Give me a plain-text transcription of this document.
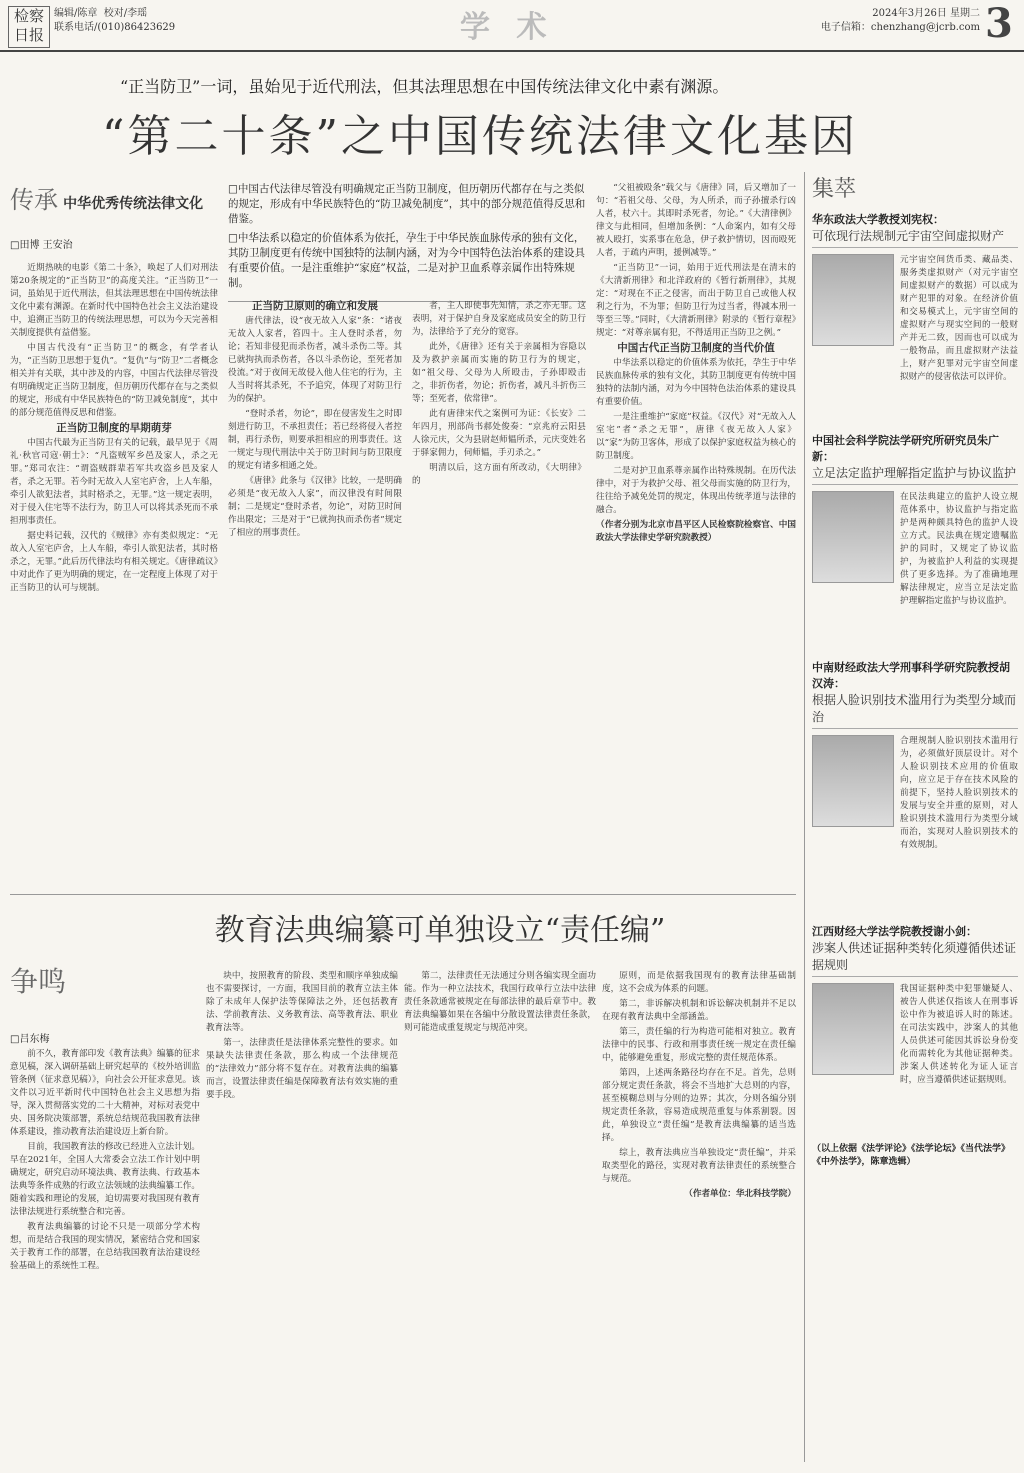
检察日报
编辑/陈章  校对/李瑶
联系电话/(010)86423629	学 术	2024年3月26日 星期二
电子信箱：chenzhang@jcrb.com 3
“正当防卫”一词，虽始见于近代刑法，但其法理思想在中国传统法律文化中素有渊源。
“第二十条”之中国传统法律文化基因
传承 中华优秀传统法律文化
□田博 王安治

□中国古代法律尽管没有明确规定正当防卫制度，但历朝历代都存在与之类似的规定，形成有中华民族特色的“防卫减免制度”，其中的部分规范值得反思和借鉴。

□中华法系以稳定的价值体系为依托，孕生于中华民族血脉传承的独有文化，其防卫制度更有传统中国独特的法制内涵，对为今中国特色法治体系的建设具有重要价值。一是注重维护“家庭”权益，二是对护卫血系尊亲属作出特殊规制。

近期热映的电影《第二十条》，唤起了人们对刑法第20条规定的“正当防卫”的高度关注。“正当防卫”一词，虽始见于近代刑法，但其法理思想在中国传统法律文化中素有渊源。在新时代中国特色社会主义法治建设中，追溯正当防卫的传统法理思想，可以为今天完善相关制度提供有益借鉴。

中国古代没有“正当防卫”的概念，有学者认为，“正当防卫思想于复仇”。“复仇”与“防卫”二者概念相关并有关联，其中涉及的内容，中国古代法律尽管没有明确规定正当防卫制度，但历朝历代都存在与之类似的规定，形成有中华民族特色的“防卫减免制度”，其中的部分规范值得反思和借鉴。

正当防卫制度的早期萌芽

中国古代最为正当防卫有关的记载，最早见于《周礼·秋官司寇·朝士》：“凡盗贼军乡邑及家人，杀之无罪。”郑司农注：“谓盗贼群辈若军共攻盗乡邑及家人者，杀之无罪。若今时无故入人室宅庐舍，上人车船，牵引人欲犯法者，其时格杀之，无罪。”这一规定表明，对于侵入住宅等不法行为，防卫人可以将其杀死而不承担刑事责任。

据史料记载，汉代的《贼律》亦有类似规定：“无故入人室宅庐舍，上人车船，牵引人欲犯法者，其时格杀之，无罪。”此后历代律法均有相关规定。《唐律疏议》中对此作了更为明确的规定，在一定程度上体现了对于正当防卫的认可与规制。

正当防卫原则的确立和发展

唐代律法，设“夜无故入人家”条：“诸夜无故入人家者，笞四十。主人登时杀者，勿论；若知非侵犯而杀伤者，减斗杀伤二等。其已就拘执而杀伤者，各以斗杀伤论，至死者加役流。”对于夜间无故侵入他人住宅的行为，主人当时将其杀死，不予追究，体现了对防卫行为的保护。

“登时杀者，勿论”，即在侵害发生之时即刻进行防卫，不承担责任；若已经将侵入者控制，再行杀伤，则要承担相应的刑事责任。这一规定与现代刑法中关于防卫时间与防卫限度的规定有诸多相通之处。

《唐律》此条与《汉律》比较，一是明确必须是“夜无故入人家”，而汉律没有时间限制；二是规定“登时杀者，勿论”，对防卫时间作出限定；三是对于“已就拘执而杀伤者”规定了相应的刑事责任。

者，主人即使事先知情，杀之亦无罪。这表明，对于保护自身及家庭成员安全的防卫行为，法律给予了充分的宽容。

此外，《唐律》还有关于亲属相为容隐以及为救护亲属而实施的防卫行为的规定，如“祖父母、父母为人所殴击，子孙即殴击之，非折伤者，勿论；折伤者，减凡斗折伤三等；至死者，依常律”。

此有唐律宋代之案例可为证：《长安》二年四月，刑部尚书郝处俊奏：“京兆府云阳县人徐元庆，父为县尉赵师韫所杀，元庆变姓名于驿家佣力，伺师韫，手刃杀之。”

明清以后，这方面有所改动，《大明律》的

“父祖被殴条”载父与《唐律》同，后又增加了一句：“若祖父母、父母，为人所杀，而子孙擅杀行凶人者，杖六十。其即时杀死者，勿论。”《大清律例》律文与此相同，但增加条例：“人命案内，如有父母被人殴打，实系事在危急，伊子救护情切，因而殴死人者，于疏内声明，援例减等。”

“正当防卫”一词，始用于近代刑法是在清末的《大清新刑律》和北洋政府的《暂行新刑律》，其规定：“对现在不正之侵害，而出于防卫自己或他人权利之行为，不为罪；但防卫行为过当者，得减本刑一等至三等。”同时，《大清新刑律》附录的《暂行章程》规定：“对尊亲属有犯，不得适用正当防卫之例。”

中国古代正当防卫制度的当代价值

中华法系以稳定的价值体系为依托，孕生于中华民族血脉传承的独有文化，其防卫制度更有传统中国独特的法制内涵，对为今中国特色法治体系的建设具有重要价值。

一是注重维护“家庭”权益。《汉代》对“无故入人室宅”者“杀之无罪”，唐律《夜无故入人家》以“家”为防卫客体，形成了以保护家庭权益为核心的防卫制度。

二是对护卫血系尊亲属作出特殊规制。在历代法律中，对于为救护父母、祖父母而实施的防卫行为，往往给予减免处罚的规定，体现出传统孝道与法律的融合。

（作者分别为北京市昌平区人民检察院检察官、中国政法大学法律史学研究院教授）

集萃
华东政法大学教授刘宪权：
可依现行法规制元宇宙空间虚拟财产
元宇宙空间货币类、藏品类、服务类虚拟财产（对元宇宙空间虚拟财产的数据）可以成为财产犯罪的对象。在经济价值和交易模式上，元宇宙空间的虚拟财产与现实空间的一般财产并无二致，因而也可以成为一般物品，而且虚拟财产法益上，财产犯罪对元宇宙空间虚拟财产的侵害依法可以评价。
中国社会科学院法学研究所研究员朱广新：
立足法定监护理解指定监护与协议监护
在民法典建立的监护人设立规范体系中，协议监护与指定监护是两种颇具特色的监护人设立方式。民法典在规定遗嘱监护的同时，又规定了协议监护，为被监护人利益的实现提供了更多选择。为了准确地理解法律规定，应当立足法定监护理解指定监护与协议监护。
中南财经政法大学刑事科学研究院教授胡汉涛：
根据人脸识别技术滥用行为类型分域而治
合理规制人脸识别技术滥用行为，必须做好顶层设计。对个人脸识别技术应用的价值取向，应立足于存在技术风险的前提下，坚持人脸识别技术的发展与安全并重的原则，对人脸识别技术滥用行为类型分域而治，实现对人脸识别技术的有效规制。
江西财经大学法学院教授谢小剑：
涉案人供述证据种类转化须遵循供述证据规则
我国证据种类中犯罪嫌疑人、被告人供述仅指该人在刑事诉讼中作为被追诉人时的陈述。在司法实践中，涉案人的其他人员供述可能因其诉讼身份变化而需转化为其他证据种类。涉案人供述转化为证人证言时，应当遵循供述证据规则。
（以上依据《法学评论》《法学论坛》《当代法学》《中外法学》，陈章选辑）
教育法典编纂可单独设立“责任编”
争鸣
□吕东梅

前不久，教育部印发《教育法典》编纂的征求意见稿，深入调研基础上研究起草的《校外培训监管条例（征求意见稿）》，向社会公开征求意见。该文件以习近平新时代中国特色社会主义思想为指导，深入贯彻落实党的二十大精神，对标对表党中央、国务院决策部署，系统总结规范我国教育法律体系建设，推动教育法治建设迈上新台阶。

目前，我国教育法的修改已经进入立法计划。早在2021年，全国人大常委会立法工作计划中明确规定，研究启动环境法典、教育法典、行政基本法典等条件成熟的行政立法领域的法典编纂工作。随着实践和理论的发展，迫切需要对我国现有教育法律法规进行系统整合和完善。

教育法典编纂的讨论不只是一项部分学术构想，而是结合我国的现实情况，紧密结合党和国家关于教育工作的部署，在总结我国教育法治建设经验基础上的系统性工程。

块中，按照教育的阶段、类型和顺序单独成编也不需要探讨，一方面，我国目前的教育立法主体除了未成年人保护法等保障法之外，还包括教育法、学前教育法、义务教育法、高等教育法、职业教育法等。

第一，法律责任是法律体系完整性的要求。如果缺失法律责任条款，那么构成一个法律规范的“法律效力”部分将不复存在。对教育法典的编纂而言，设置法律责任编是保障教育法有效实施的重要手段。

第二，法律责任无法通过分则各编实现全面功能。作为一种立法技术，我国行政单行立法中法律责任条款通常被规定在每部法律的最后章节中。教育法典编纂如果在各编中分散设置法律责任条款，则可能造成重复规定与规范冲突。

原则，而是依据我国现有的教育法律基础制度，这不会成为体系的问题。

第二，非诉解决机制和诉讼解决机制并不足以在现有教育法典中全部涵盖。

第三，责任编的行为构造可能相对独立。教育法律中的民事、行政和刑事责任统一规定在责任编中，能够避免重复，形成完整的责任规范体系。

第四，上述两条路径均存在不足。首先，总则部分规定责任条款，将会不当地扩大总则的内容，甚至模糊总则与分则的边界；其次，分则各编分别规定责任条款，容易造成规范重复与体系割裂。因此，单独设立“责任编”是教育法典编纂的适当选择。

综上，教育法典应当单独设定“责任编”，并采取类型化的路径，实现对教育法律责任的系统整合与规范。

（作者单位：华北科技学院）
